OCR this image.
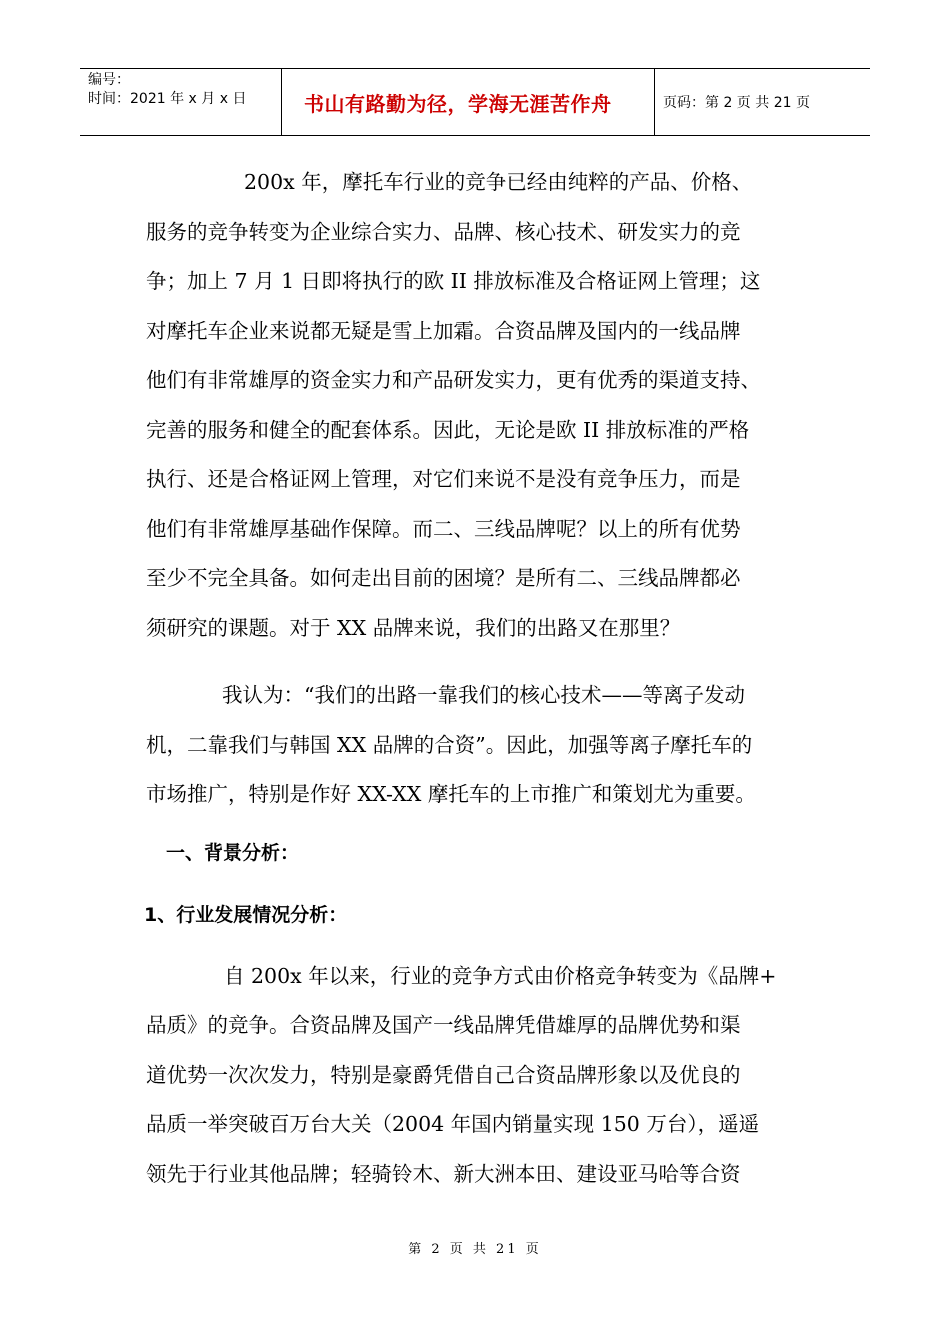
编号：
时间：2021 年 x 月 x 日	书山有路勤为径，学海无涯苦作舟	页码：第 2 页 共 21 页
200x 年，摩托车行业的竞争已经由纯粹的产品、价格、
服务的竞争转变为企业综合实力、品牌、核心技术、研发实力的竞
争；加上 7 月 1 日即将执行的欧 II 排放标准及合格证网上管理；这
对摩托车企业来说都无疑是雪上加霜。合资品牌及国内的一线品牌
他们有非常雄厚的资金实力和产品研发实力，更有优秀的渠道支持、
完善的服务和健全的配套体系。因此，无论是欧 II 排放标准的严格
执行、还是合格证网上管理，对它们来说不是没有竞争压力，而是
他们有非常雄厚基础作保障。而二、三线品牌呢？以上的所有优势
至少不完全具备。如何走出目前的困境？是所有二、三线品牌都必
须研究的课题。对于 XX 品牌来说，我们的出路又在那里？
我认为：“我们的出路一靠我们的核心技术——等离子发动
机，二靠我们与韩国 XX 品牌的合资”。因此，加强等离子摩托车的
市场推广，特别是作好 XX-XX 摩托车的上市推广和策划尤为重要。
一、背景分析：
1、行业发展情况分析：
自 200x 年以来，行业的竞争方式由价格竞争转变为《品牌+
品质》的竞争。合资品牌及国产一线品牌凭借雄厚的品牌优势和渠
道优势一次次发力，特别是豪爵凭借自己合资品牌形象以及优良的
品质一举突破百万台大关（2004 年国内销量实现 150 万台），遥遥
领先于行业其他品牌；轻骑铃木、新大洲本田、建设亚马哈等合资
第 2 页 共 21 页
